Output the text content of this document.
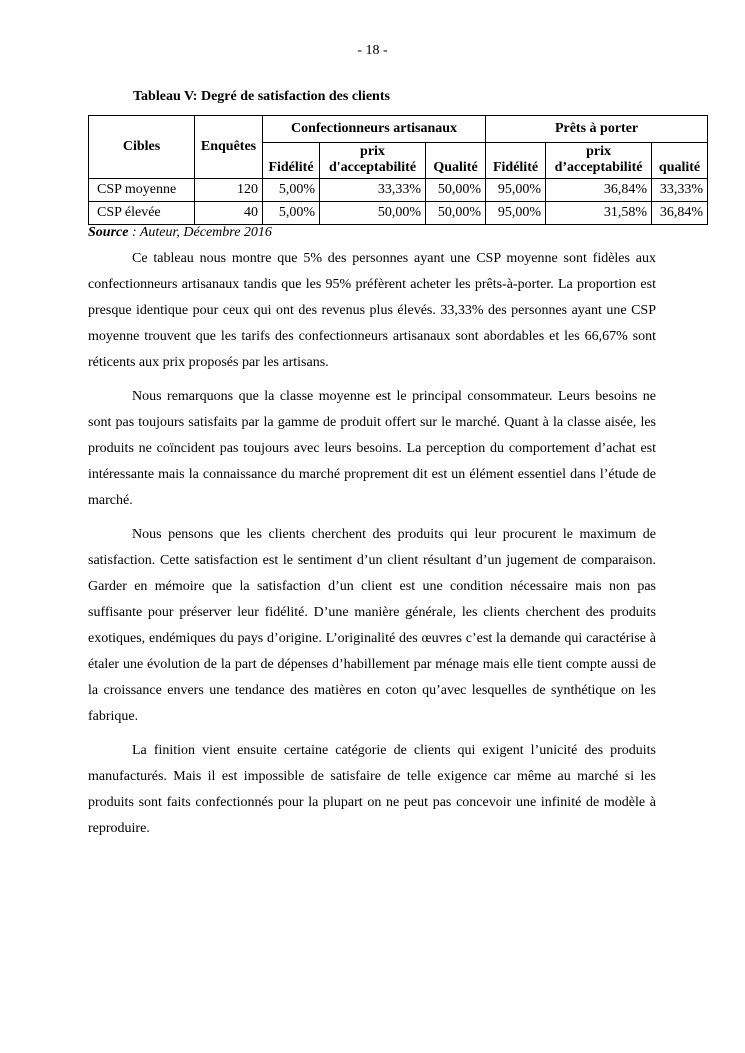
- 18 -
Tableau V: Degré de satisfaction des clients
Cibles	Enquêtes	Confectionneurs artisanaux			Prêts à porter		
		Fidélité	prix d'acceptabilité	Qualité	Fidélité	prix d’acceptabilité	qualité
CSP moyenne	120	5,00%	33,33%	50,00%	95,00%	36,84%	33,33%
CSP élevée	40	5,00%	50,00%	50,00%	95,00%	31,58%	36,84%
Source : Auteur, Décembre 2016

Ce tableau nous montre que 5% des personnes ayant une CSP moyenne sont fidèles aux confectionneurs artisanaux tandis que les 95% préfèrent acheter les prêts-à-porter. La proportion est presque identique pour ceux qui ont des revenus plus élevés. 33,33% des personnes ayant une CSP moyenne trouvent que les tarifs des confectionneurs artisanaux sont abordables et les 66,67% sont réticents aux prix proposés par les artisans.

Nous remarquons que la classe moyenne est le principal consommateur. Leurs besoins ne sont pas toujours satisfaits par la gamme de produit offert sur le marché. Quant à la classe aisée, les produits ne coïncident pas toujours avec leurs besoins. La perception du comportement d’achat est intéressante mais la connaissance du marché proprement dit est un élément essentiel dans l’étude de marché.

Nous pensons que les clients cherchent des produits qui leur procurent le maximum de satisfaction. Cette satisfaction est le sentiment d’un client résultant d’un jugement de comparaison. Garder en mémoire que la satisfaction d’un client est une condition nécessaire mais non pas suffisante pour préserver leur fidélité. D’une manière générale, les clients cherchent des produits exotiques, endémiques du pays d’origine. L’originalité des œuvres c’est la demande qui caractérise à étaler une évolution de la part de dépenses d’habillement par ménage mais elle tient compte aussi de la croissance envers une tendance des matières en coton qu’avec lesquelles de synthétique on les fabrique.

La finition vient ensuite certaine catégorie de clients qui exigent l’unicité des produits manufacturés. Mais il est impossible de satisfaire de telle exigence car même au marché si les produits sont faits confectionnés pour la plupart on ne peut pas concevoir une infinité de modèle à reproduire.
